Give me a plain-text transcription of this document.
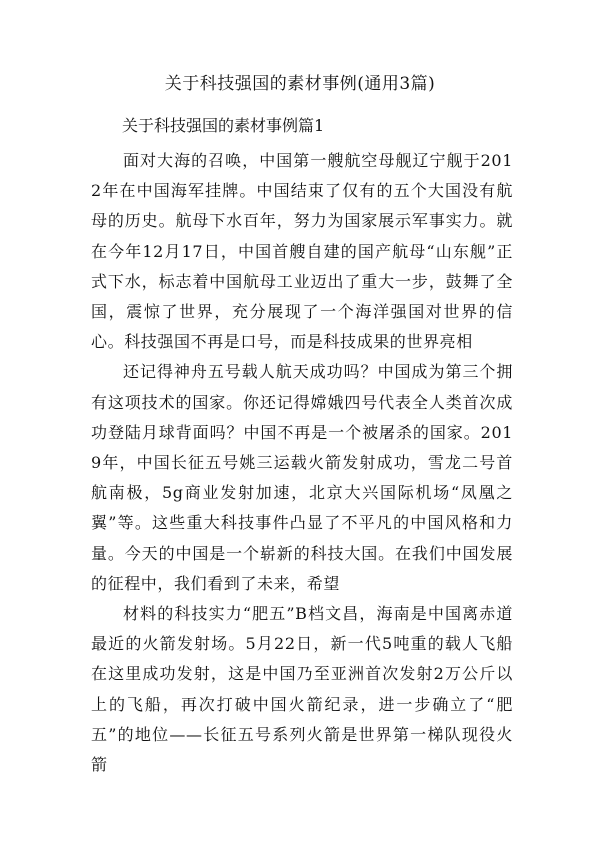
关于科技强国的素材事例(通用3篇)
关于科技强国的素材事例篇1

面对大海的召唤，中国第一艘航空母舰辽宁舰于2012年在中国海军挂牌。中国结束了仅有的五个大国没有航母的历史。航母下水百年，努力为国家展示军事实力。就在今年12月17日，中国首艘自建的国产航母“山东舰”正式下水，标志着中国航母工业迈出了重大一步，鼓舞了全国，震惊了世界，充分展现了一个海洋强国对世界的信心。科技强国不再是口号，而是科技成果的世界亮相

还记得神舟五号载人航天成功吗？中国成为第三个拥有这项技术的国家。你还记得嫦娥四号代表全人类首次成功登陆月球背面吗？中国不再是一个被屠杀的国家。2019年，中国长征五号姚三运载火箭发射成功，雪龙二号首航南极，5g商业发射加速，北京大兴国际机场“凤凰之翼”等。这些重大科技事件凸显了不平凡的中国风格和力量。今天的中国是一个崭新的科技大国。在我们中国发展的征程中，我们看到了未来，希望

材料的科技实力“肥五”B档文昌，海南是中国离赤道最近的火箭发射场。5月22日，新一代5吨重的载人飞船在这里成功发射，这是中国乃至亚洲首次发射2万公斤以上的飞船，再次打破中国火箭纪录，进一步确立了“肥五”的地位——长征五号系列火箭是世界第一梯队现役火箭
